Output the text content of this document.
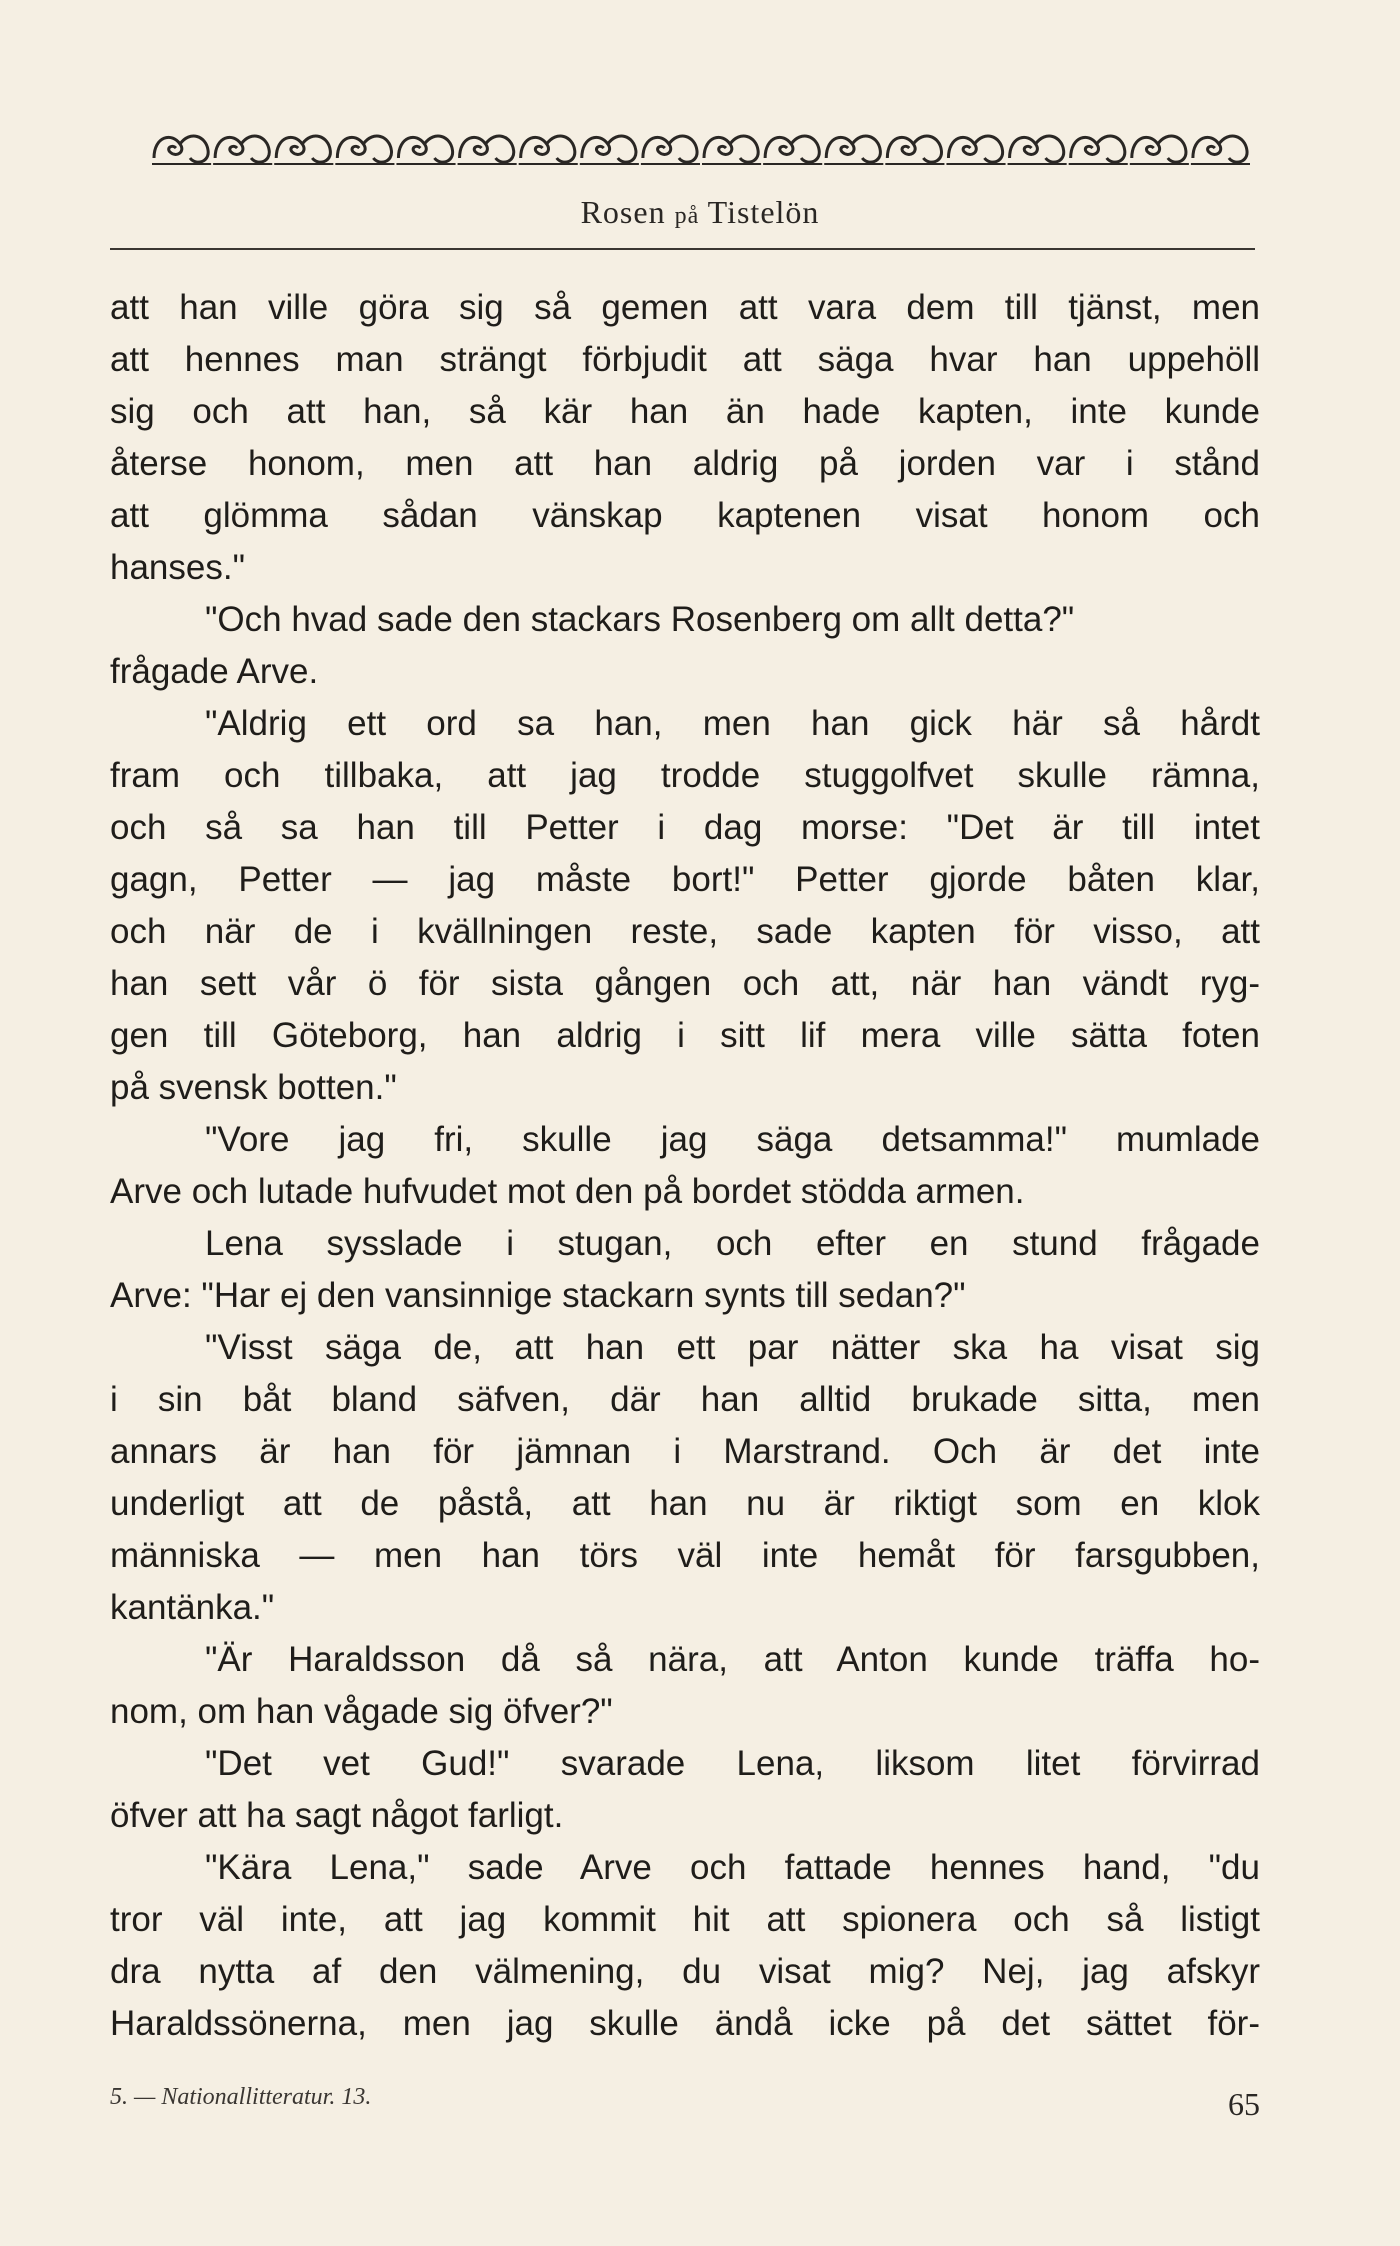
Rosen på Tistelön
att han ville göra sig så gemen att vara dem till tjänst, men
att hennes man strängt förbjudit att säga hvar han uppehöll
sig och att han, så kär han än hade kapten, inte kunde
återse honom, men att han aldrig på jorden var i stånd
att glömma sådan vänskap kaptenen visat honom och
hanses."
"Och hvad sade den stackars Rosenberg om allt detta?"
frågade Arve.
"Aldrig ett ord sa han, men han gick här så hårdt
fram och tillbaka, att jag trodde stuggolfvet skulle rämna,
och så sa han till Petter i dag morse: "Det är till intet
gagn, Petter — jag måste bort!" Petter gjorde båten klar,
och när de i kvällningen reste, sade kapten för visso, att
han sett vår ö för sista gången och att, när han vändt ryg-
gen till Göteborg, han aldrig i sitt lif mera ville sätta foten
på svensk botten."
"Vore jag fri, skulle jag säga detsamma!" mumlade
Arve och lutade hufvudet mot den på bordet stödda armen.
Lena sysslade i stugan, och efter en stund frågade
Arve: "Har ej den vansinnige stackarn synts till sedan?"
"Visst säga de, att han ett par nätter ska ha visat sig
i sin båt bland säfven, där han alltid brukade sitta, men
annars är han för jämnan i Marstrand. Och är det inte
underligt att de påstå, att han nu är riktigt som en klok
människa — men han törs väl inte hemåt för farsgubben,
kantänka."
"Är Haraldsson då så nära, att Anton kunde träffa ho-
nom, om han vågade sig öfver?"
"Det vet Gud!" svarade Lena, liksom litet förvirrad
öfver att ha sagt något farligt.
"Kära Lena," sade Arve och fattade hennes hand, "du
tror väl inte, att jag kommit hit att spionera och så listigt
dra nytta af den välmening, du visat mig? Nej, jag afskyr
Haraldssönerna, men jag skulle ändå icke på det sättet för-
5. — Nationallitteratur. 13.	65
